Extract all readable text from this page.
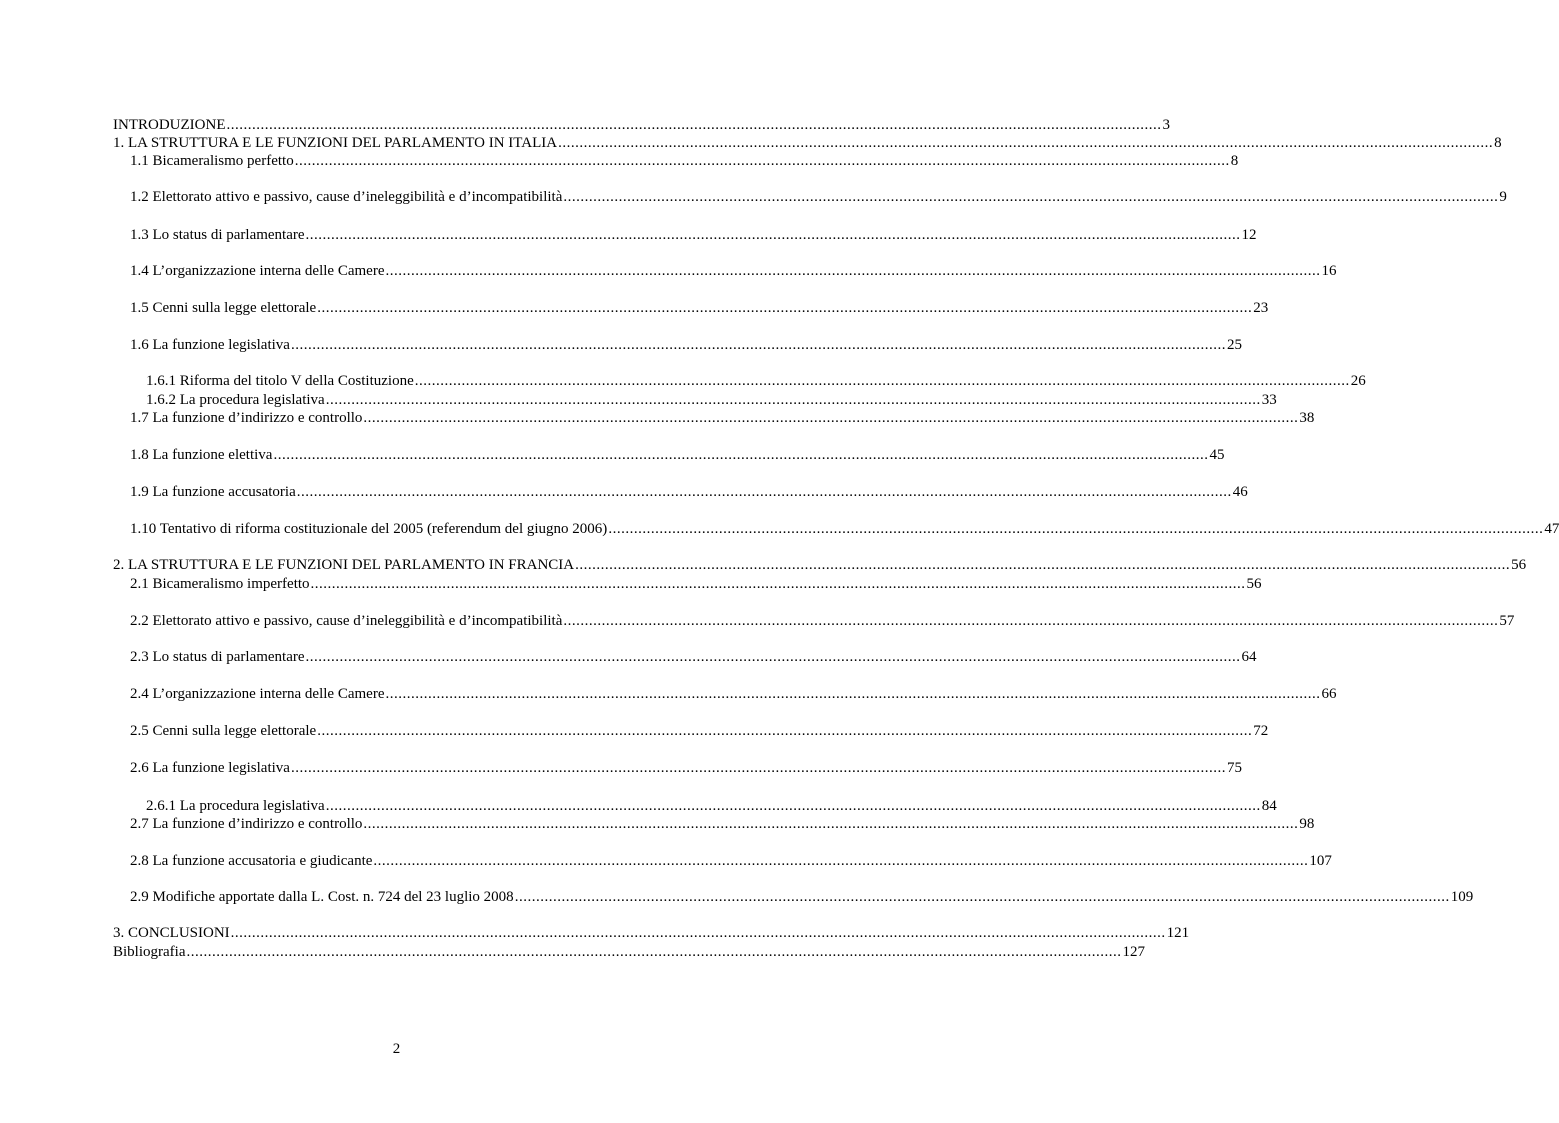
INTRODUZIONE ............................................................................................................................................................................................................................ 3
1. LA STRUTTURA E LE FUNZIONI DEL PARLAMENTO IN ITALIA ............................................................................................................................................................................................................................ 8
1.1 Bicameralismo perfetto ............................................................................................................................................................................................................................ 8
1.2 Elettorato attivo e passivo, cause d’ineleggibilità e d’incompatibilità ............................................................................................................................................................................................................................ 9
1.3 Lo status di parlamentare ............................................................................................................................................................................................................................ 12
1.4 L’organizzazione interna delle Camere ............................................................................................................................................................................................................................ 16
1.5 Cenni sulla legge elettorale ............................................................................................................................................................................................................................ 23
1.6 La funzione legislativa ............................................................................................................................................................................................................................ 25
1.6.1 Riforma del titolo V della Costituzione ............................................................................................................................................................................................................................ 26
1.6.2 La procedura legislativa ............................................................................................................................................................................................................................ 33
1.7 La funzione d’indirizzo e controllo ............................................................................................................................................................................................................................ 38
1.8 La funzione elettiva ............................................................................................................................................................................................................................ 45
1.9 La funzione accusatoria ............................................................................................................................................................................................................................ 46
1.10 Tentativo di riforma costituzionale del 2005 (referendum del giugno 2006) ............................................................................................................................................................................................................................ 47
2. LA STRUTTURA E LE FUNZIONI DEL PARLAMENTO IN FRANCIA ............................................................................................................................................................................................................................ 56
2.1 Bicameralismo imperfetto ............................................................................................................................................................................................................................ 56
2.2 Elettorato attivo e passivo, cause d’ineleggibilità e d’incompatibilità ............................................................................................................................................................................................................................ 57
2.3 Lo status di parlamentare ............................................................................................................................................................................................................................ 64
2.4 L’organizzazione interna delle Camere ............................................................................................................................................................................................................................ 66
2.5 Cenni sulla legge elettorale ............................................................................................................................................................................................................................ 72
2.6 La funzione legislativa ............................................................................................................................................................................................................................ 75
2.6.1 La procedura legislativa ............................................................................................................................................................................................................................ 84
2.7 La funzione d’indirizzo e controllo ............................................................................................................................................................................................................................ 98
2.8 La funzione accusatoria e giudicante ............................................................................................................................................................................................................................ 107
2.9 Modifiche apportate dalla L. Cost. n. 724 del 23 luglio 2008 ............................................................................................................................................................................................................................ 109
3. CONCLUSIONI ............................................................................................................................................................................................................................ 121
Bibliografia ............................................................................................................................................................................................................................ 127
2
